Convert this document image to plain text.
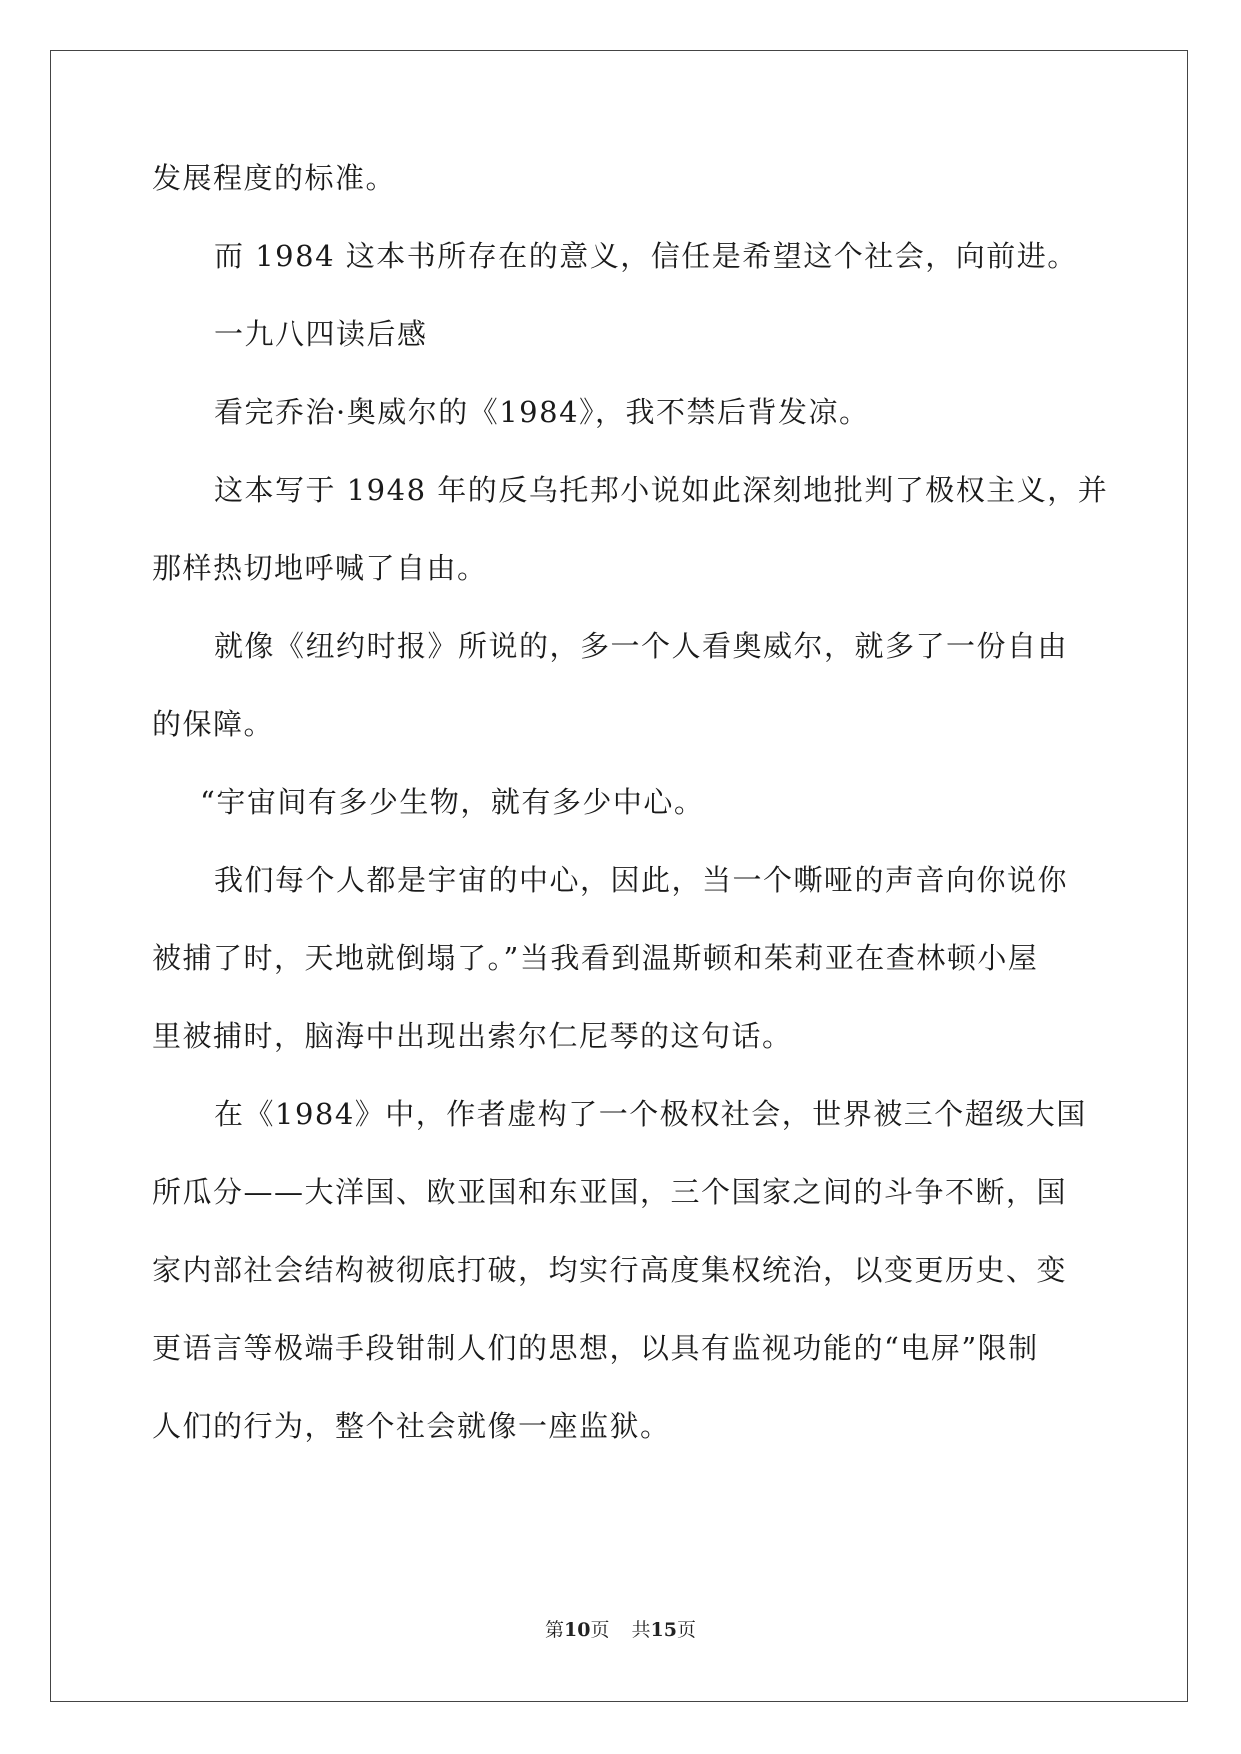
发展程度的标准。
而 1984 这本书所存在的意义，信任是希望这个社会，向前进。
一九八四读后感
看完乔治·奥威尔的《1984》，我不禁后背发凉。
这本写于 1948 年的反乌托邦小说如此深刻地批判了极权主义，并
那样热切地呼喊了自由。
就像《纽约时报》所说的，多一个人看奥威尔，就多了一份自由
的保障。
“宇宙间有多少生物，就有多少中心。
我们每个人都是宇宙的中心，因此，当一个嘶哑的声音向你说你
被捕了时，天地就倒塌了。”当我看到温斯顿和茱莉亚在查林顿小屋
里被捕时，脑海中出现出索尔仁尼琴的这句话。
在《1984》中，作者虚构了一个极权社会，世界被三个超级大国
所瓜分——大洋国、欧亚国和东亚国，三个国家之间的斗争不断，国
家内部社会结构被彻底打破，均实行高度集权统治，以变更历史、变
更语言等极端手段钳制人们的思想，以具有监视功能的“电屏”限制
人们的行为，整个社会就像一座监狱。
第10页 共15页
